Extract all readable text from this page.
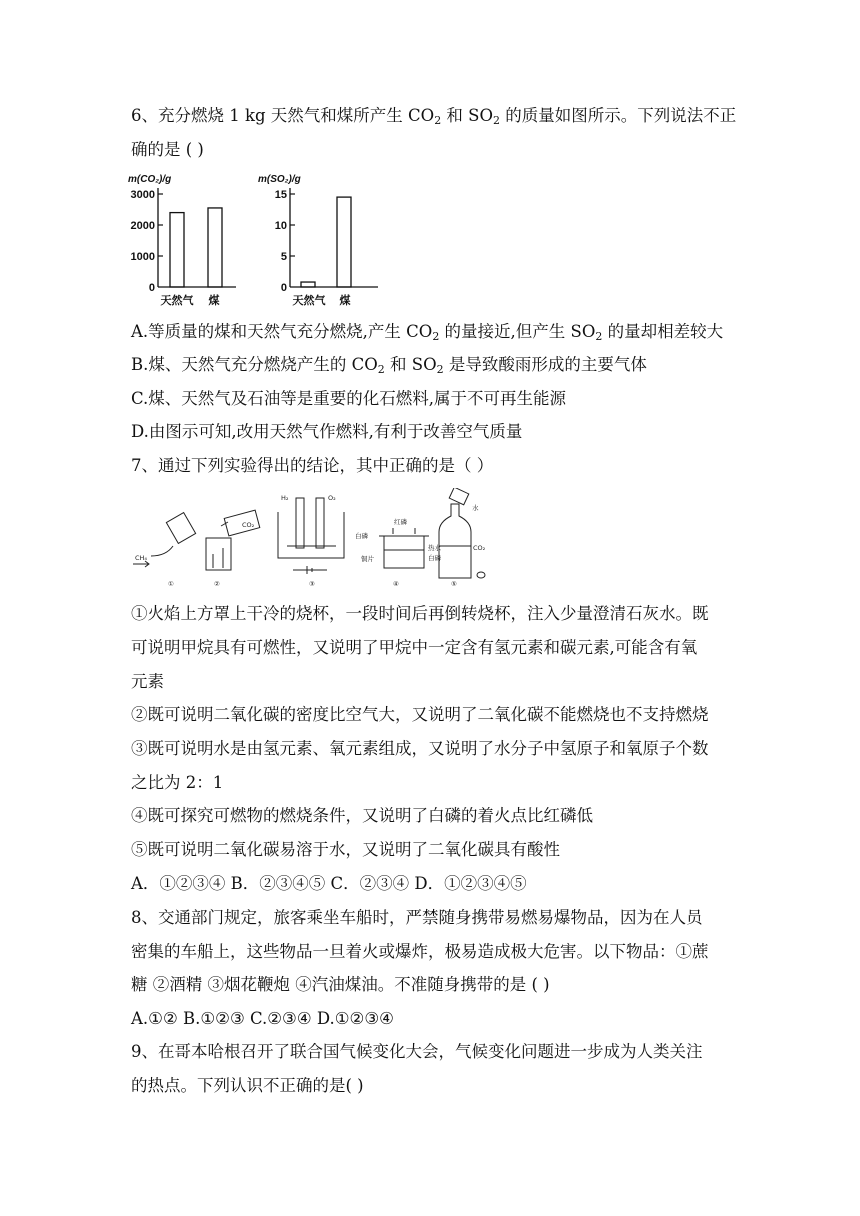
6、充分燃烧 1 kg 天然气和煤所产生 $CO_2$ 和 $SO_2$ 的质量如图所示。下列说法不正
确的是 ( )
m(CO₂)/g
3000
2000
1000
0
天然气 煤
m(SO₂)/g
15
10
5
0
天然气 煤
A.等质量的煤和天然气充分燃烧,产生 $CO_2$ 的量接近,但产生 $SO_2$ 的量却相差较大
B.煤、天然气充分燃烧产生的 $CO_2$ 和 $SO_2$ 是导致酸雨形成的主要气体
C.煤、天然气及石油等是重要的化石燃料,属于不可再生能源
D.由图示可知,改用天然气作燃料,有利于改善空气质量
7、通过下列实验得出的结论，其中正确的是（ ）
CH₄
CO₂
H₂	O₂
红磷
白磷
热水
铜片	白磷
水
CO₂
①	②	③	④	⑤
①火焰上方罩上干冷的烧杯，一段时间后再倒转烧杯，注入少量澄清石灰水。既
可说明甲烷具有可燃性，又说明了甲烷中一定含有氢元素和碳元素,可能含有氧
元素
②既可说明二氧化碳的密度比空气大，又说明了二氧化碳不能燃烧也不支持燃烧
③既可说明水是由氢元素、氧元素组成，又说明了水分子中氢原子和氧原子个数
之比为 2：1
④既可探究可燃物的燃烧条件，又说明了白磷的着火点比红磷低
⑤既可说明二氧化碳易溶于水，又说明了二氧化碳具有酸性
A．①②③④ B．②③④⑤ C．②③④ D．①②③④⑤
8、交通部门规定，旅客乘坐车船时，严禁随身携带易燃易爆物品，因为在人员
密集的车船上，这些物品一旦着火或爆炸，极易造成极大危害。以下物品：①蔗
糖 ②酒精 ③烟花鞭炮 ④汽油煤油。不准随身携带的是 ( )
A.①② B.①②③ C.②③④ D.①②③④
9、在哥本哈根召开了联合国气候变化大会，气候变化问题进一步成为人类关注
的热点。下列认识不正确的是( )
